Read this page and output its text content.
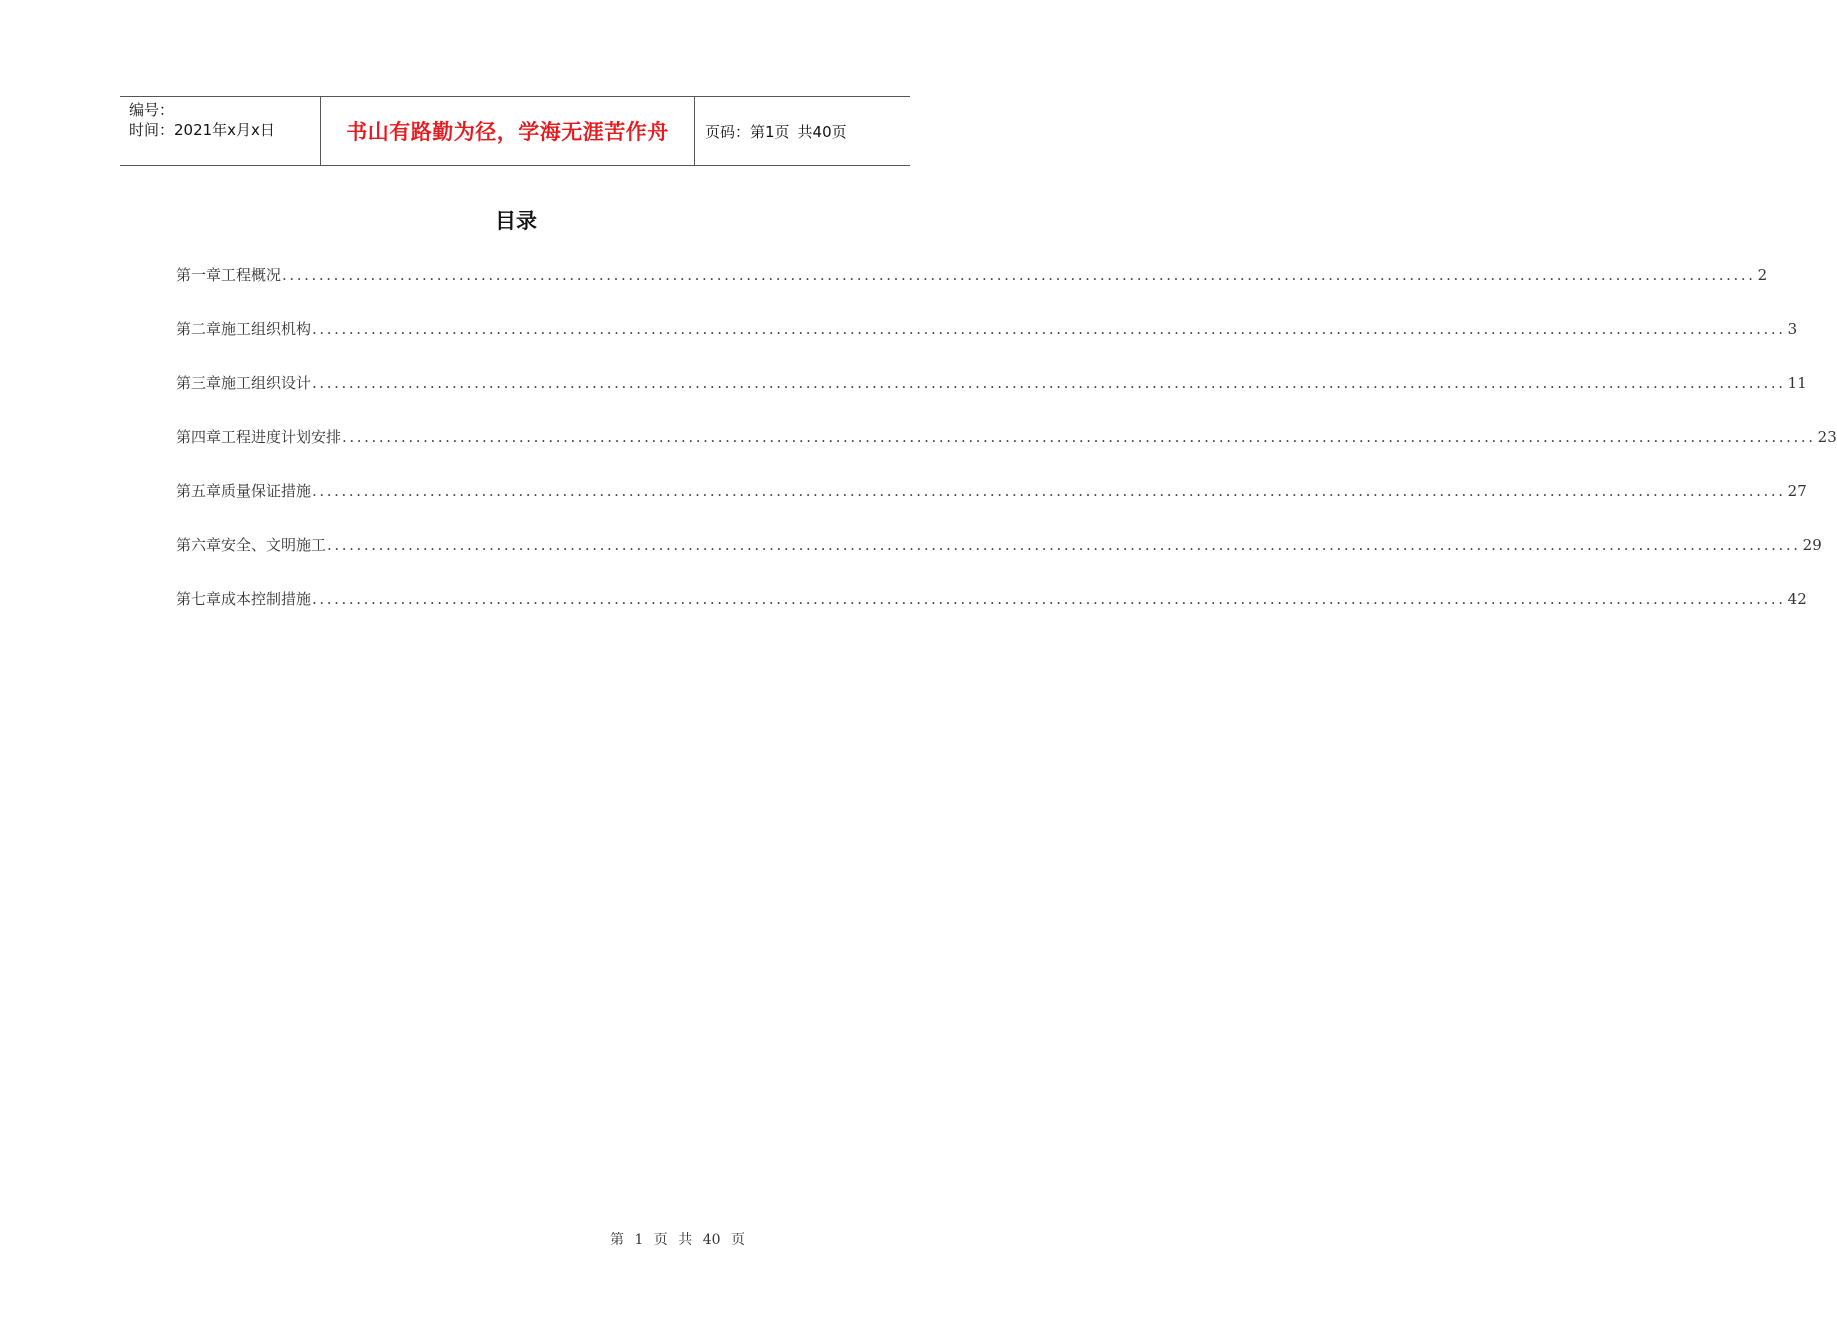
编号：
时间：2021年x月x日	书山有路勤为径，学海无涯苦作舟 页码：第1页 共40页
目录
第一章 工程概况 ........................................................................................................................................................................................................ 2
第二章 施工组织机构 ........................................................................................................................................................................................................ 3
第三章 施工组织设计 ........................................................................................................................................................................................................ 11
第四章 工程进度计划安排 ........................................................................................................................................................................................................ 23
第五章 质量保证措施 ........................................................................................................................................................................................................ 27
第六章 安全、文明施工 ........................................................................................................................................................................................................ 29
第七章 成本控制措施 ........................................................................................................................................................................................................ 42
第 1 页 共 40 页
